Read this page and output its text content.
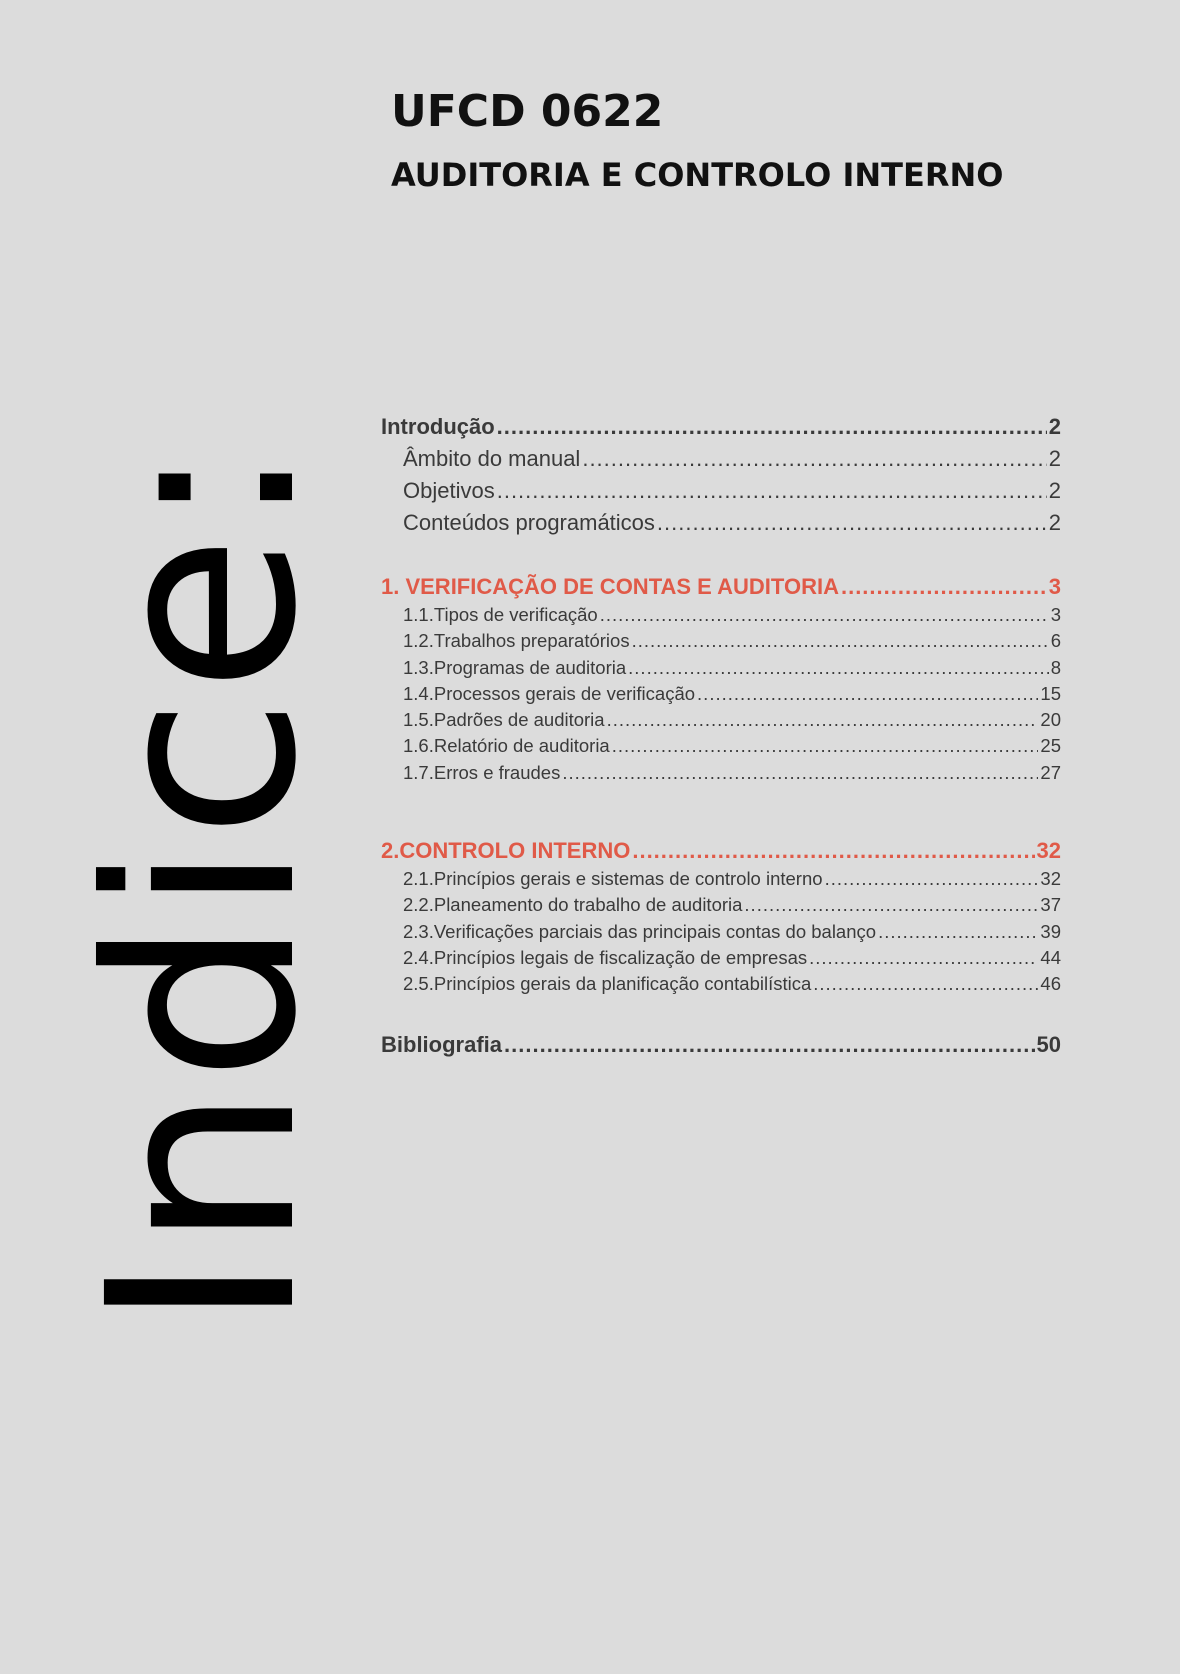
UFCD 0622
AUDITORIA E CONTROLO INTERNO
Indice:
Introdução .....	2
Âmbito do manual .....	2
Objetivos .....	2
Conteúdos programáticos .....	2
1. VERIFICAÇÃO DE CONTAS E AUDITORIA .....	3
1.1.Tipos de verificação .....	3
1.2.Trabalhos preparatórios .....	6
1.3.Programas de auditoria .....	8
1.4.Processos gerais de verificação .....	15
1.5.Padrões de auditoria .....	20
1.6.Relatório de auditoria .....	25
1.7.Erros e fraudes .....	27
2.CONTROLO INTERNO .....	32
2.1.Princípios gerais e sistemas de controlo interno .....	32
2.2.Planeamento do trabalho de auditoria .....	37
2.3.Verificações parciais das principais contas do balanço .....	39
2.4.Princípios legais de fiscalização de empresas .....	44
2.5.Princípios gerais da planificação contabilística .....	46
Bibliografia .....	50
